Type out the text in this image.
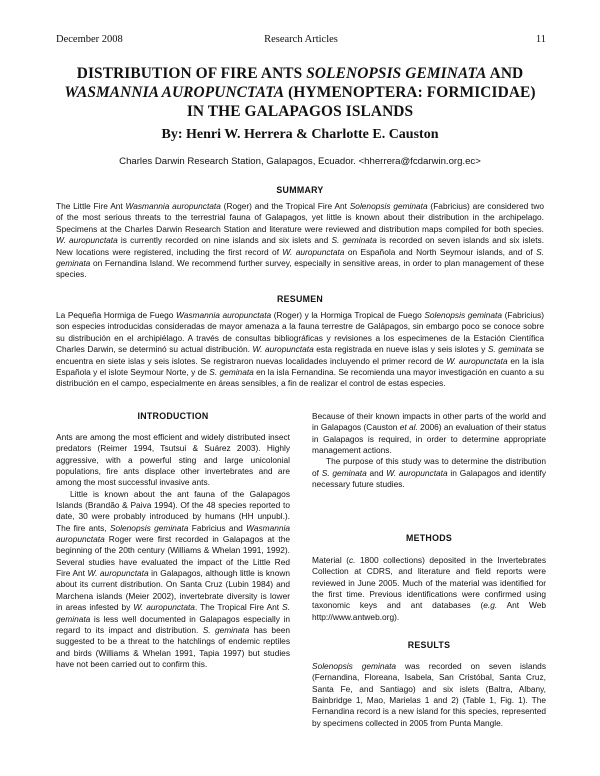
December 2008	Research Articles	11
DISTRIBUTION OF FIRE ANTS SOLENOPSIS GEMINATA AND
WASMANNIA AUROPUNCTATA (HYMENOPTERA: FORMICIDAE)
IN THE GALAPAGOS ISLANDS
By: Henri W. Herrera & Charlotte E. Causton
Charles Darwin Research Station, Galapagos, Ecuador. <hherrera@fcdarwin.org.ec>
SUMMARY
The Little Fire Ant Wasmannia auropunctata (Roger) and the Tropical Fire Ant Solenopsis geminata (Fabricius) are considered two of the most serious threats to the terrestrial fauna of Galapagos, yet little is known about their distribution in the archipelago. Specimens at the Charles Darwin Research Station and literature were reviewed and distribution maps compiled for both species. W. auropunctata is currently recorded on nine islands and six islets and S. geminata is recorded on seven islands and six islets. New locations were registered, including the first record of W. auropunctata on Española and North Seymour islands, and of S. geminata on Fernandina Island. We recommend further survey, especially in sensitive areas, in order to plan management of these species.
RESUMEN
La Pequeña Hormiga de Fuego Wasmannia auropunctata (Roger) y la Hormiga Tropical de Fuego Solenopsis geminata (Fabricius) son especies introducidas consideradas de mayor amenaza a la fauna terrestre de Galápagos, sin embargo poco se conoce sobre su distribución en el archipiélago. A través de consultas bibliográficas y revisiones a los especimenes de la Estación Científica Charles Darwin, se determinó su actual distribución. W. auropunctata esta registrada en nueve islas y seis islotes y S. geminata se encuentra en siete islas y seis islotes. Se registraron nuevas localidades incluyendo el primer record de W. auropunctata en la isla Española y el islote Seymour Norte, y de S. geminata en la isla Fernandina. Se recomienda una mayor investigación en cuanto a su distribución en el campo, especialmente en áreas sensibles, a fin de realizar el control de estas especies.
INTRODUCTION

Ants are among the most efficient and widely distributed insect predators (Reimer 1994, Tsutsui & Suárez 2003). Highly aggressive, with a powerful sting and large unicolonial populations, fire ants displace other invertebrates and are among the most successful invasive ants.

Little is known about the ant fauna of the Galapagos Islands (Brandão & Paiva 1994). Of the 48 species reported to date, 30 were probably introduced by humans (HH unpubl.). The fire ants, Solenopsis geminata Fabricius and Wasmannia auropunctata Roger were first recorded in Galapagos at the beginning of the 20th century (Williams & Whelan 1991, 1992). Several studies have evaluated the impact of the Little Red Fire Ant W. auropunctata in Galapagos, although little is known about its current distribution. On Santa Cruz (Lubin 1984) and Marchena islands (Meier 2002), invertebrate diversity is lower in areas infested by W. auropunctata. The Tropical Fire Ant S. geminata is less well documented in Galapagos especially in regard to its impact and distribution. S. geminata has been suggested to be a threat to the hatchlings of endemic reptiles and birds (Williams & Whelan 1991, Tapia 1997) but studies have not been carried out to confirm this.

Because of their known impacts in other parts of the world and in Galapagos (Causton et al. 2006) an evaluation of their status in Galapagos is required, in order to determine appropriate management actions.

The purpose of this study was to determine the distribution of S. geminata and W. auropunctata in Galapagos and identify necessary future studies.

METHODS

Material (c. 1800 collections) deposited in the Invertebrates Collection at CDRS, and literature and field reports were reviewed in June 2005. Much of the material was identified for the first time. Previous identifications were confirmed using taxonomic keys and ant databases (e.g. Ant Web http://www.antweb.org).

RESULTS

Solenopsis geminata was recorded on seven islands (Fernandina, Floreana, Isabela, San Cristóbal, Santa Cruz, Santa Fe, and Santiago) and six islets (Baltra, Albany, Bainbridge 1, Mao, Marielas 1 and 2) (Table 1, Fig. 1). The Fernandina record is a new island for this species, represented by specimens collected in 2005 from Punta Mangle.
